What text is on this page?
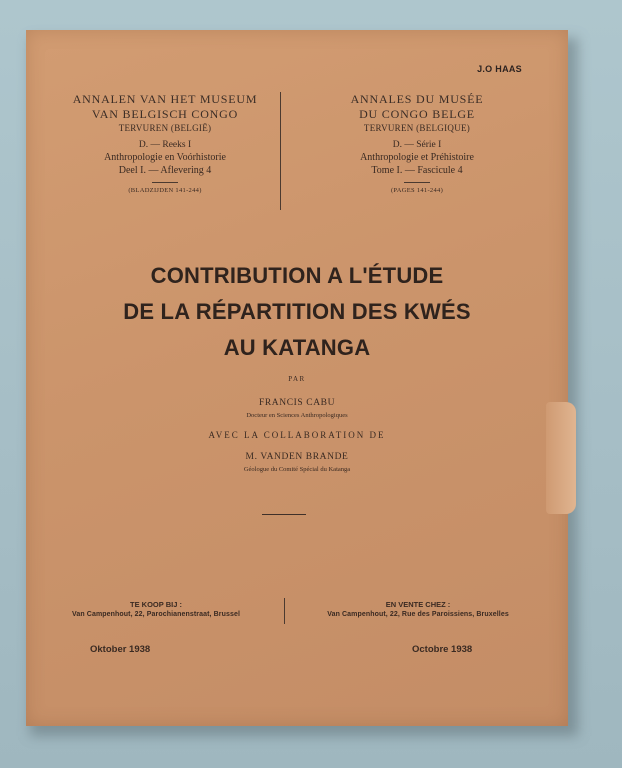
J.O HAAS
ANNALEN VAN HET MUSEUM
VAN BELGISCH CONGO
TERVUREN (BELGIË)
D. — Reeks I
Anthropologie en Voórhistorie
Deel I. — Aflevering 4
(BLADZIJDEN 141-244)
ANNALES DU MUSÉE
DU CONGO BELGE
TERVUREN (BELGIQUE)
D. — Série I
Anthropologie et Préhistoire
Tome I. — Fascicule 4
(PAGES 141-244)
CONTRIBUTION A L'ÉTUDE
DE LA RÉPARTITION DES KWÉS
AU KATANGA
PAR
FRANCIS CABU
Docteur en Sciences Anthropologiques
AVEC LA COLLABORATION DE
M. VANDEN BRANDE
Géologue du Comité Spécial du Katanga
TE KOOP BIJ :
Van Campenhout, 22, Parochianenstraat, Brussel
EN VENTE CHEZ :
Van Campenhout, 22, Rue des Paroissiens, Bruxelles
Oktober 1938	Octobre 1938
